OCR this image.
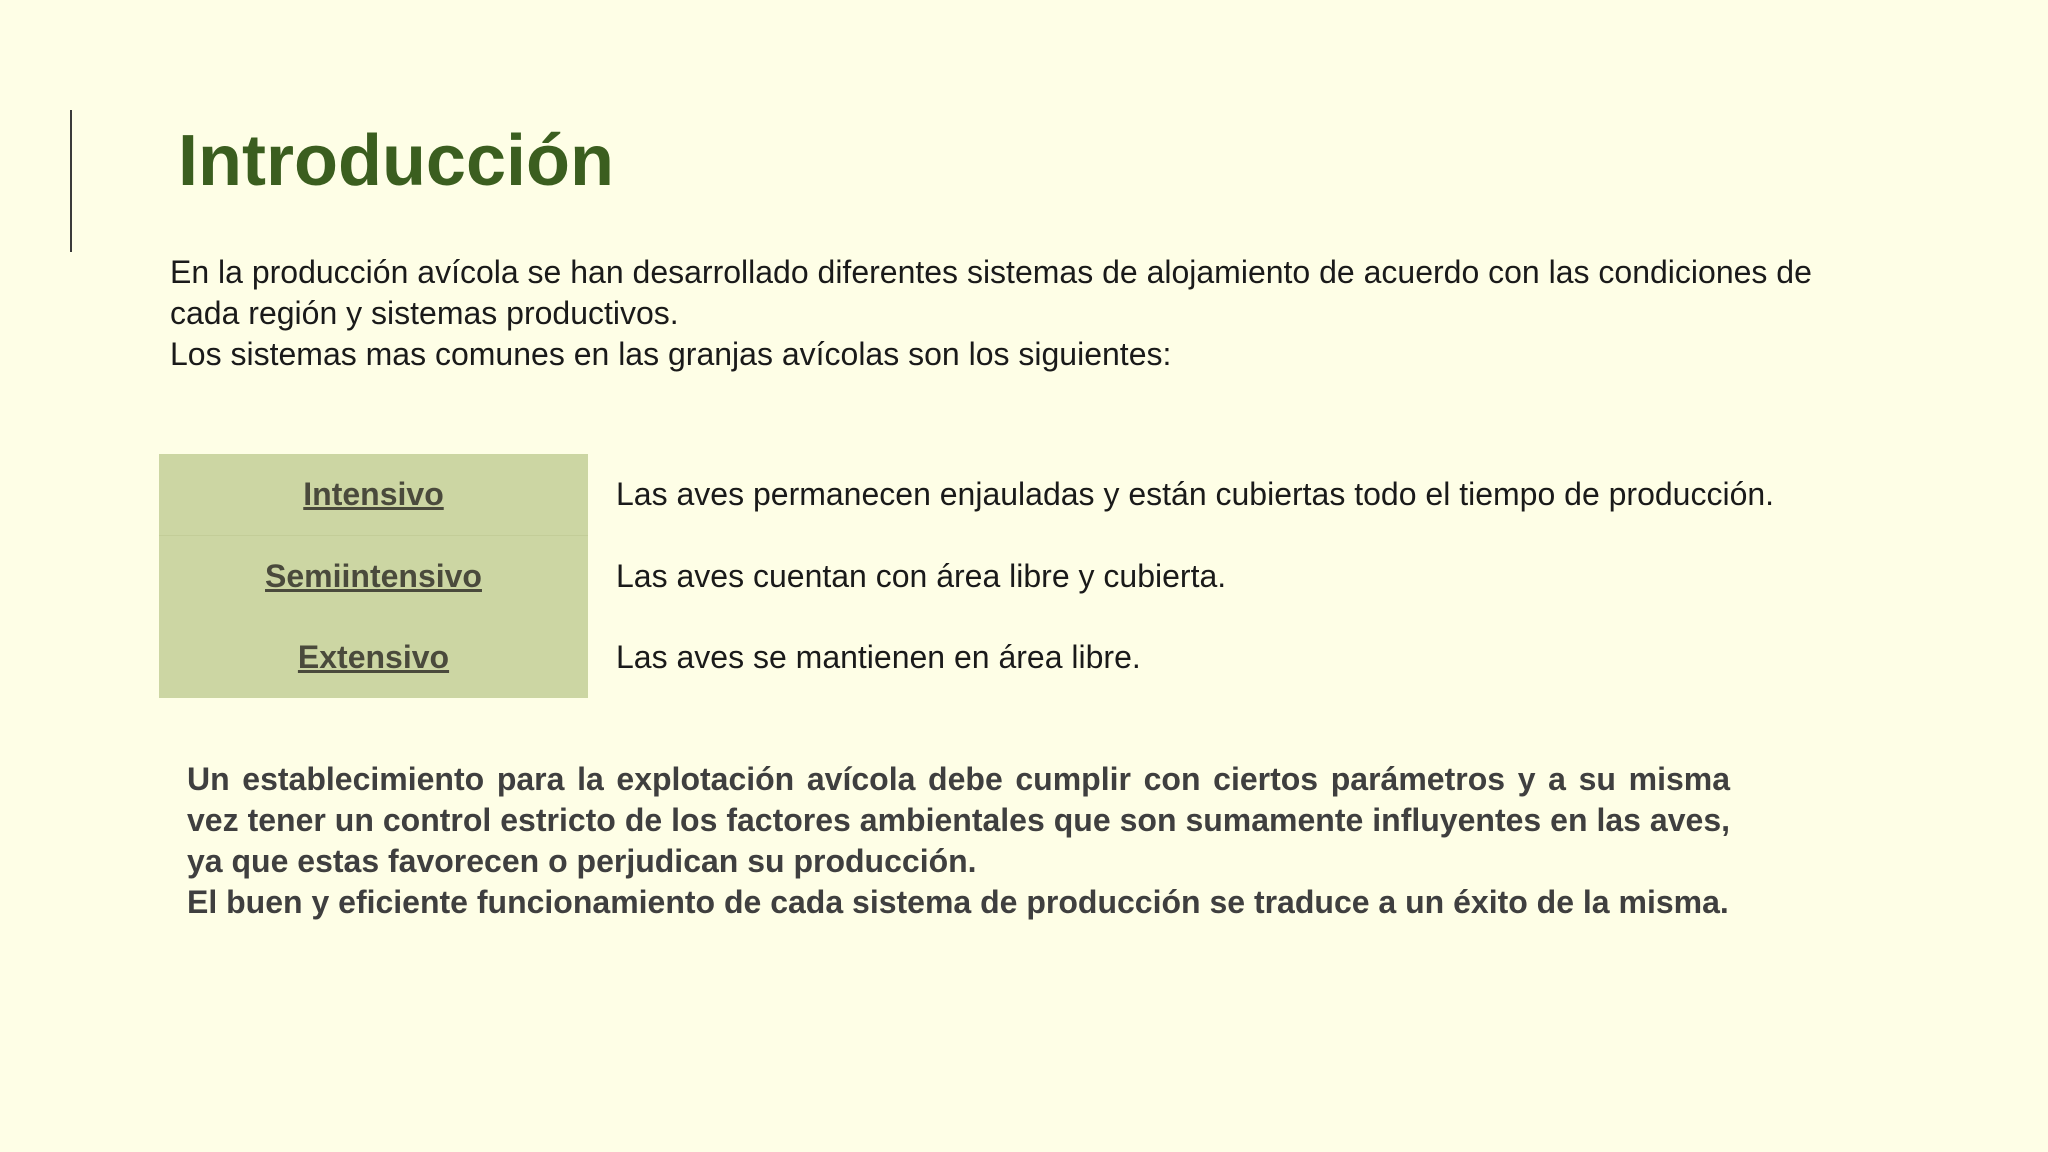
Introducción

En la producción avícola se han desarrollado diferentes sistemas de alojamiento de acuerdo con las condiciones de cada región y sistemas productivos.

Los sistemas mas comunes en las granjas avícolas son los siguientes:

Intensivo	Las aves permanecen enjauladas y están cubiertas todo el tiempo de producción.
Semiintensivo	Las aves cuentan con área libre y cubierta.
Extensivo	Las aves se mantienen en área libre.

Un establecimiento para la explotación avícola debe cumplir con ciertos parámetros y a su misma vez tener un control estricto de los factores ambientales que son sumamente influyentes en las aves, ya que estas favorecen o perjudican su producción.

El buen y eficiente funcionamiento de cada sistema de producción se traduce a un éxito de la misma.
